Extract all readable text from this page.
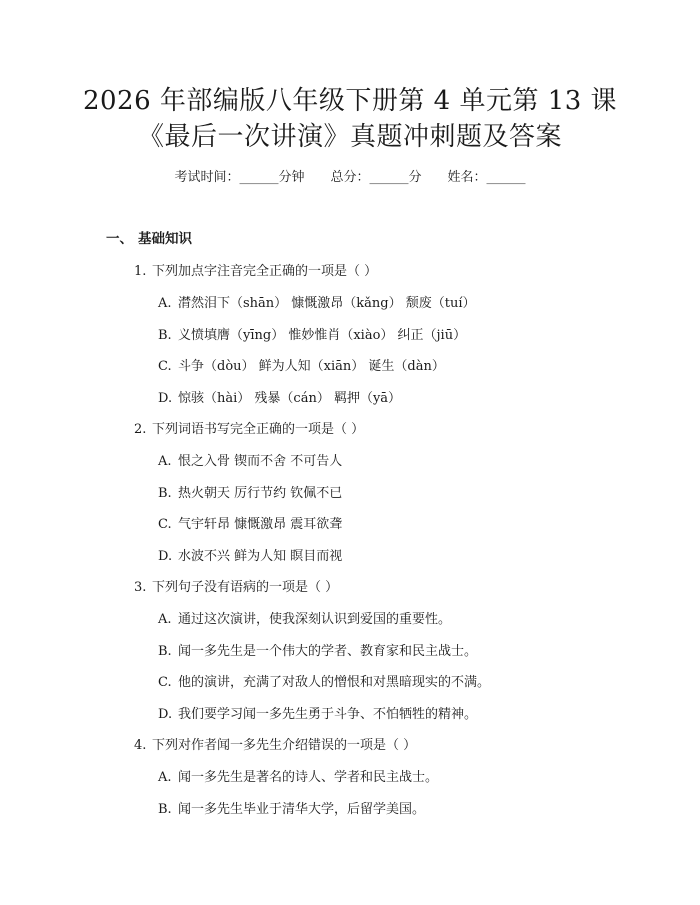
2026 年部编版八年级下册第 4 单元第 13 课
《最后一次讲演》真题冲刺题及答案
考试时间：______分钟 总分：______分 姓名：______
一、 基础知识
1. 下列加点字注音完全正确的一项是（ ）
A. 潸然泪下（shān） 慷慨激昂（kǎng） 颓废（tuí）
B. 义愤填膺（yīng） 惟妙惟肖（xiào） 纠正（jiū）
C. 斗争（dòu） 鲜为人知（xiān） 诞生（dàn）
D. 惊骇（hài） 残暴（cán） 羁押（yā）
2. 下列词语书写完全正确的一项是（ ）
A. 恨之入骨 锲而不舍 不可告人
B. 热火朝天 厉行节约 钦佩不已
C. 气宇轩昂 慷慨激昂 震耳欲聋
D. 水波不兴 鲜为人知 瞑目而视
3. 下列句子没有语病的一项是（ ）
A. 通过这次演讲，使我深刻认识到爱国的重要性。
B. 闻一多先生是一个伟大的学者、教育家和民主战士。
C. 他的演讲，充满了对敌人的憎恨和对黑暗现实的不满。
D. 我们要学习闻一多先生勇于斗争、不怕牺牲的精神。
4. 下列对作者闻一多先生介绍错误的一项是（ ）
A. 闻一多先生是著名的诗人、学者和民主战士。
B. 闻一多先生毕业于清华大学，后留学美国。
